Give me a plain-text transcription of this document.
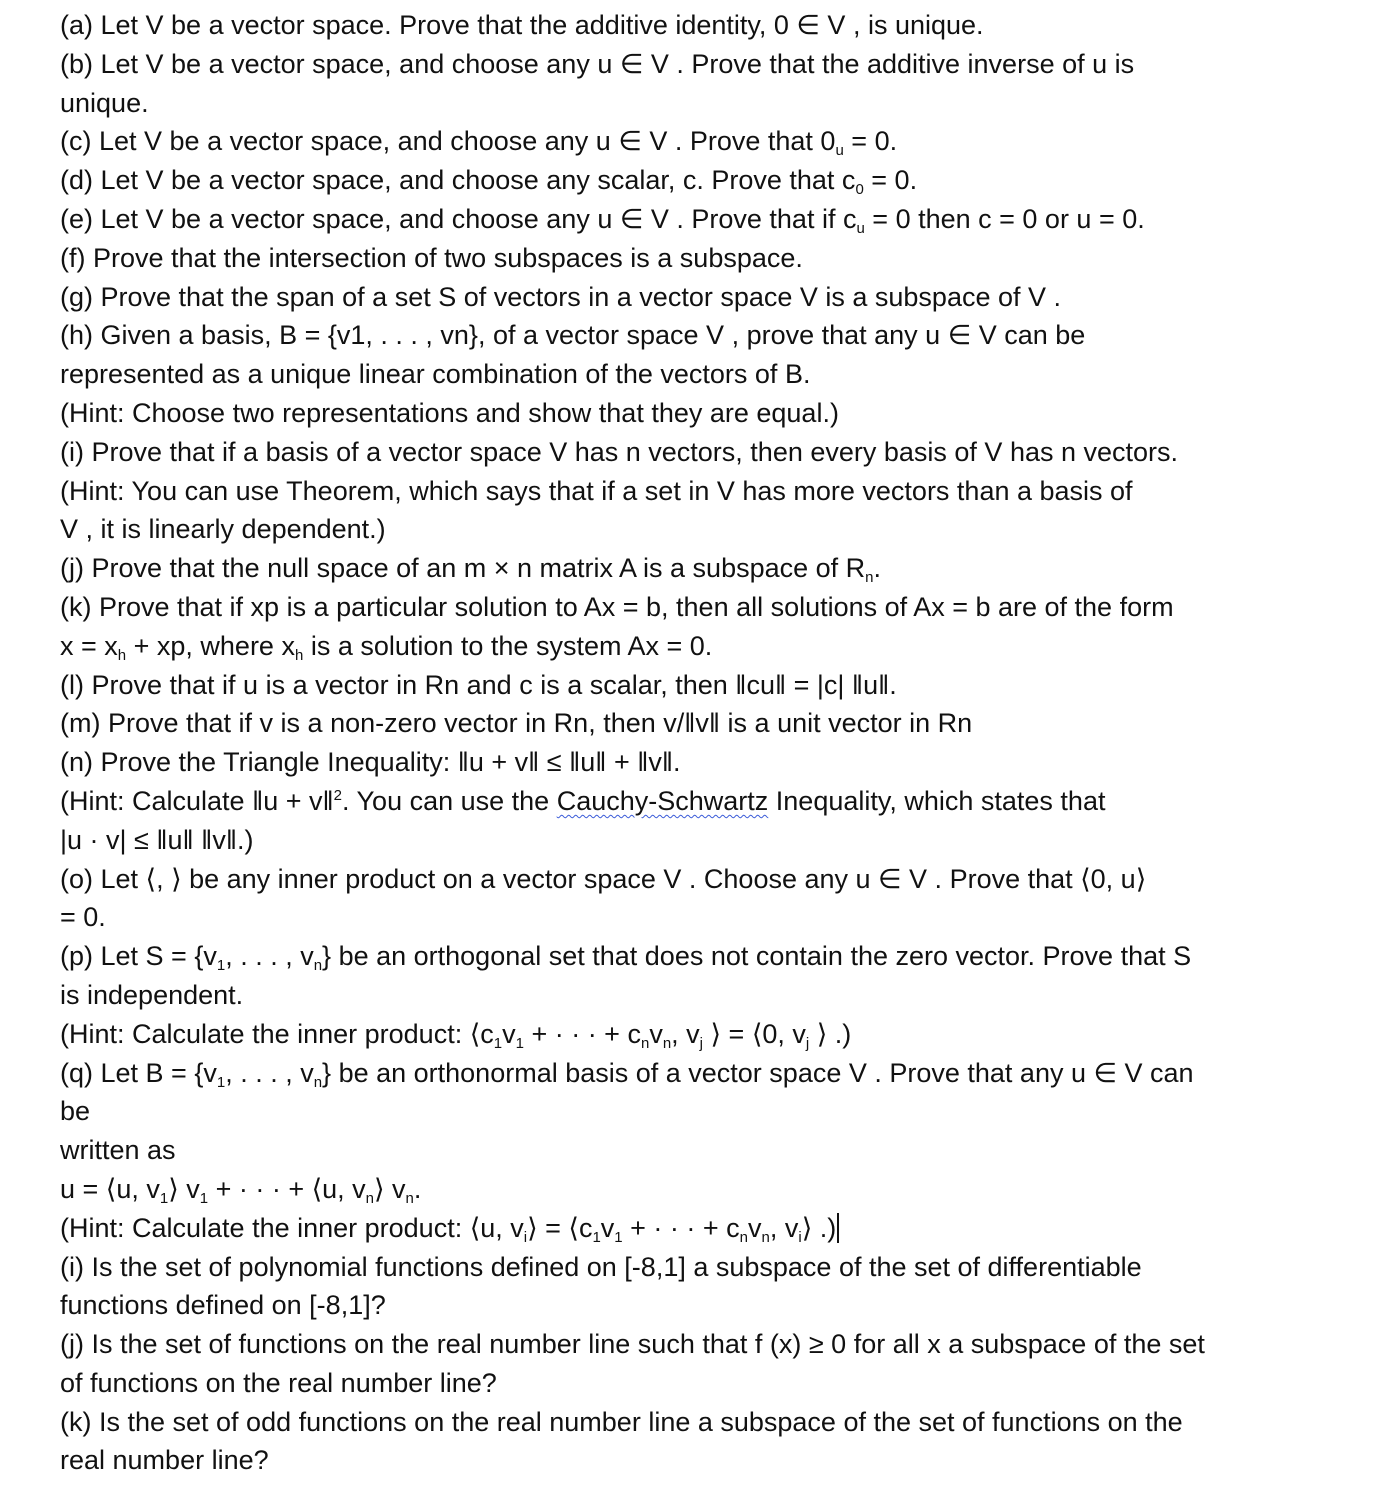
(a) Let V be a vector space. Prove that the additive identity, 0 ∈ V , is unique.
(b) Let V be a vector space, and choose any u ∈ V . Prove that the additive inverse of u is
unique.
(c) Let V be a vector space, and choose any u ∈ V . Prove that $0_u = 0$.
(d) Let V be a vector space, and choose any scalar, c. Prove that $c_0 = 0$.
(e) Let V be a vector space, and choose any u ∈ V . Prove that if $c_u = 0$ then c = 0 or u = 0.
(f) Prove that the intersection of two subspaces is a subspace.
(g) Prove that the span of a set S of vectors in a vector space V is a subspace of V .
(h) Given a basis, B = {v1, . . . , vn}, of a vector space V , prove that any u ∈ V can be
represented as a unique linear combination of the vectors of B.
(Hint: Choose two representations and show that they are equal.)
(i) Prove that if a basis of a vector space V has n vectors, then every basis of V has n vectors.
(Hint: You can use Theorem, which says that if a set in V has more vectors than a basis of
V , it is linearly dependent.)
(j) Prove that the null space of an m × n matrix A is a subspace of $R_n$.
(k) Prove that if xp is a particular solution to Ax = b, then all solutions of Ax = b are of the form
$x = x_h$ + xp, where $x_h$ is a solution to the system Ax = 0.
(l) Prove that if u is a vector in Rn and c is a scalar, then ‖cu‖ = |c| ‖u‖.
(m) Prove that if v is a non-zero vector in Rn, then v/‖v‖ is a unit vector in Rn
(n) Prove the Triangle Inequality: ‖u + v‖ ≤ ‖u‖ + ‖v‖.
(Hint: Calculate ‖u + v‖$^2$. You can use the Cauchy-Schwartz Inequality, which states that
|u · v| ≤ ‖u‖ ‖v‖.)
(o) Let ⟨, ⟩ be any inner product on a vector space V . Choose any u ∈ V . Prove that ⟨0, u⟩
= 0.
(p) Let $S = \{v_1$, . . . , $v_n$} be an orthogonal set that does not contain the zero vector. Prove that S
is independent.
(Hint: Calculate the inner product: $⟨c_1v_1$ + · · · + $c_nv_n$, $v_j$ ⟩ = ⟨0, $v_j$ ⟩ .)
(q) Let $B = \{v_1$, . . . , $v_n$} be an orthonormal basis of a vector space V . Prove that any u ∈ V can
be
written as
u = ⟨u, $v_1⟩$ $v_1$ + · · · + ⟨u, $v_n⟩$ $v_n$.
(Hint: Calculate the inner product: ⟨u, $v_i⟩$ = $⟨c_1v_1$ + · · · + $c_nv_n$, $v_i⟩$ .)
(i) Is the set of polynomial functions defined on [-8,1] a subspace of the set of differentiable
functions defined on [-8,1]?
(j) Is the set of functions on the real number line such that f (x) ≥ 0 for all x a subspace of the set
of functions on the real number line?
(k) Is the set of odd functions on the real number line a subspace of the set of functions on the
real number line?
